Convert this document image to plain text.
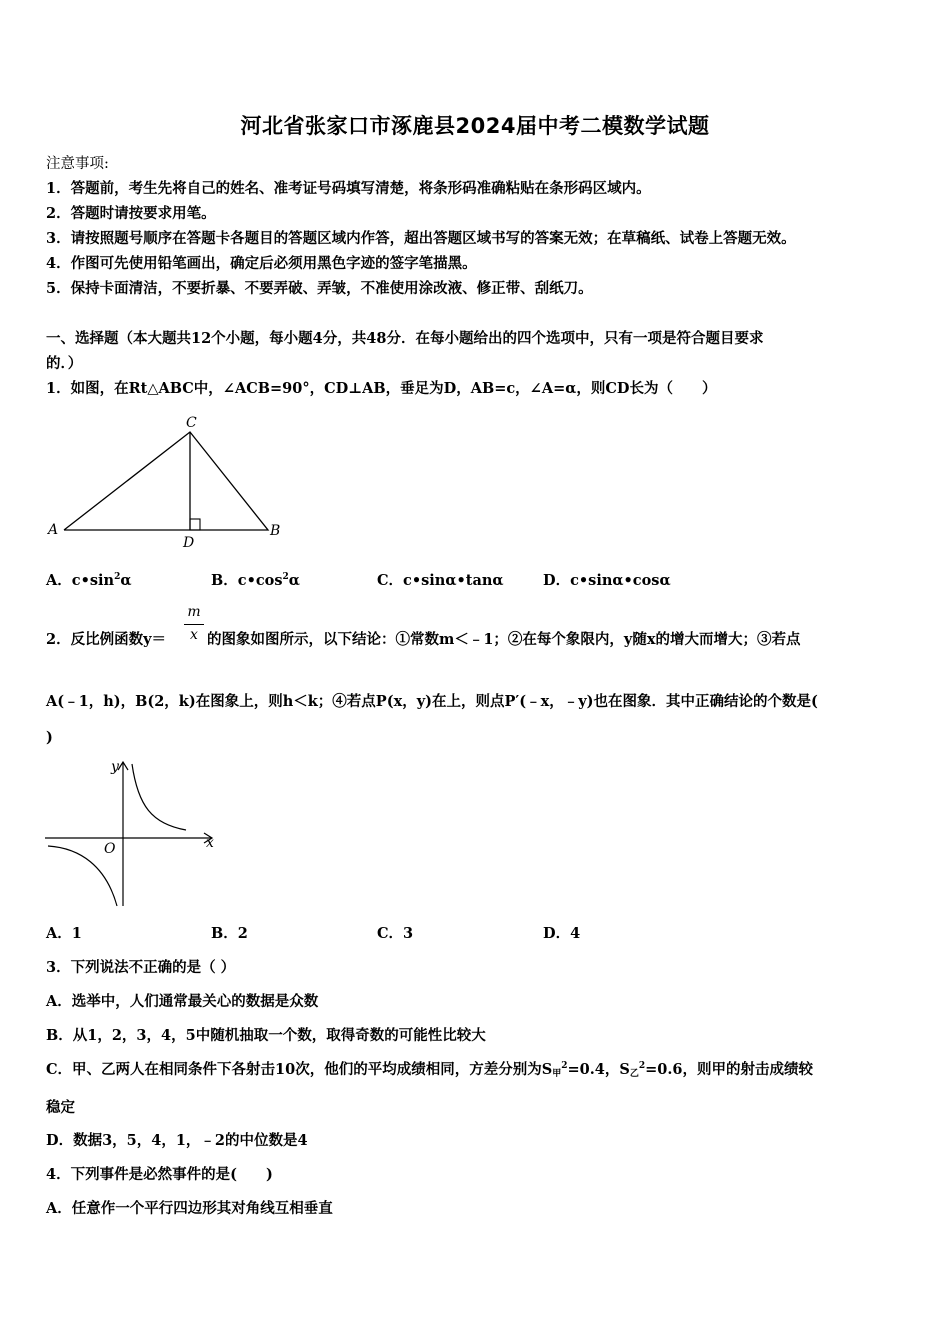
河北省张家口市涿鹿县2024届中考二模数学试题
注意事项:
1．答题前，考生先将自己的姓名、准考证号码填写清楚，将条形码准确粘贴在条形码区域内。
2．答题时请按要求用笔。
3．请按照题号顺序在答题卡各题目的答题区域内作答，超出答题区域书写的答案无效；在草稿纸、试卷上答题无效。
4．作图可先使用铅笔画出，确定后必须用黑色字迹的签字笔描黑。
5．保持卡面清洁，不要折暴、不要弄破、弄皱，不准使用涂改液、修正带、刮纸刀。
一、选择题（本大题共12个小题，每小题4分，共48分．在每小题给出的四个选项中，只有一项是符合题目要求
的．）
1．如图，在Rt△ABC中，∠ACB=90°，CD⊥AB，垂足为D，AB=c，∠A=α，则CD长为（　　）
A
C
B
D
A．$c•\sin^2\alpha$	B．$c•\cos^2\alpha$	C．c•sinα•tanα	D．c•sinα•cosα
2．反比例函数y＝
m
x 的图象如图所示，以下结论：①常数m＜﹣1；②在每个象限内，y随x的增大而增大；③若点
A(﹣1，h)，B(2，k)在图象上，则h＜k；④若点P(x，y)在上，则点P′(﹣x，﹣y)也在图象．其中正确结论的个数是(
)
y
x
O
A．1	B．2	C．3	D．4
3．下列说法不正确的是（ ）
A．选举中，人们通常最关心的数据是众数
B．从1，2，3，4，5中随机抽取一个数，取得奇数的可能性比较大
C．甲、乙两人在相同条件下各射击10次，他们的平均成绩相同，方差分别为$S_甲^2=0.4$，$S_乙^2=0.6$，则甲的射击成绩较
稳定
D．数据3，5，4，1，﹣2的中位数是4
4．下列事件是必然事件的是(　　)
A．任意作一个平行四边形其对角线互相垂直
